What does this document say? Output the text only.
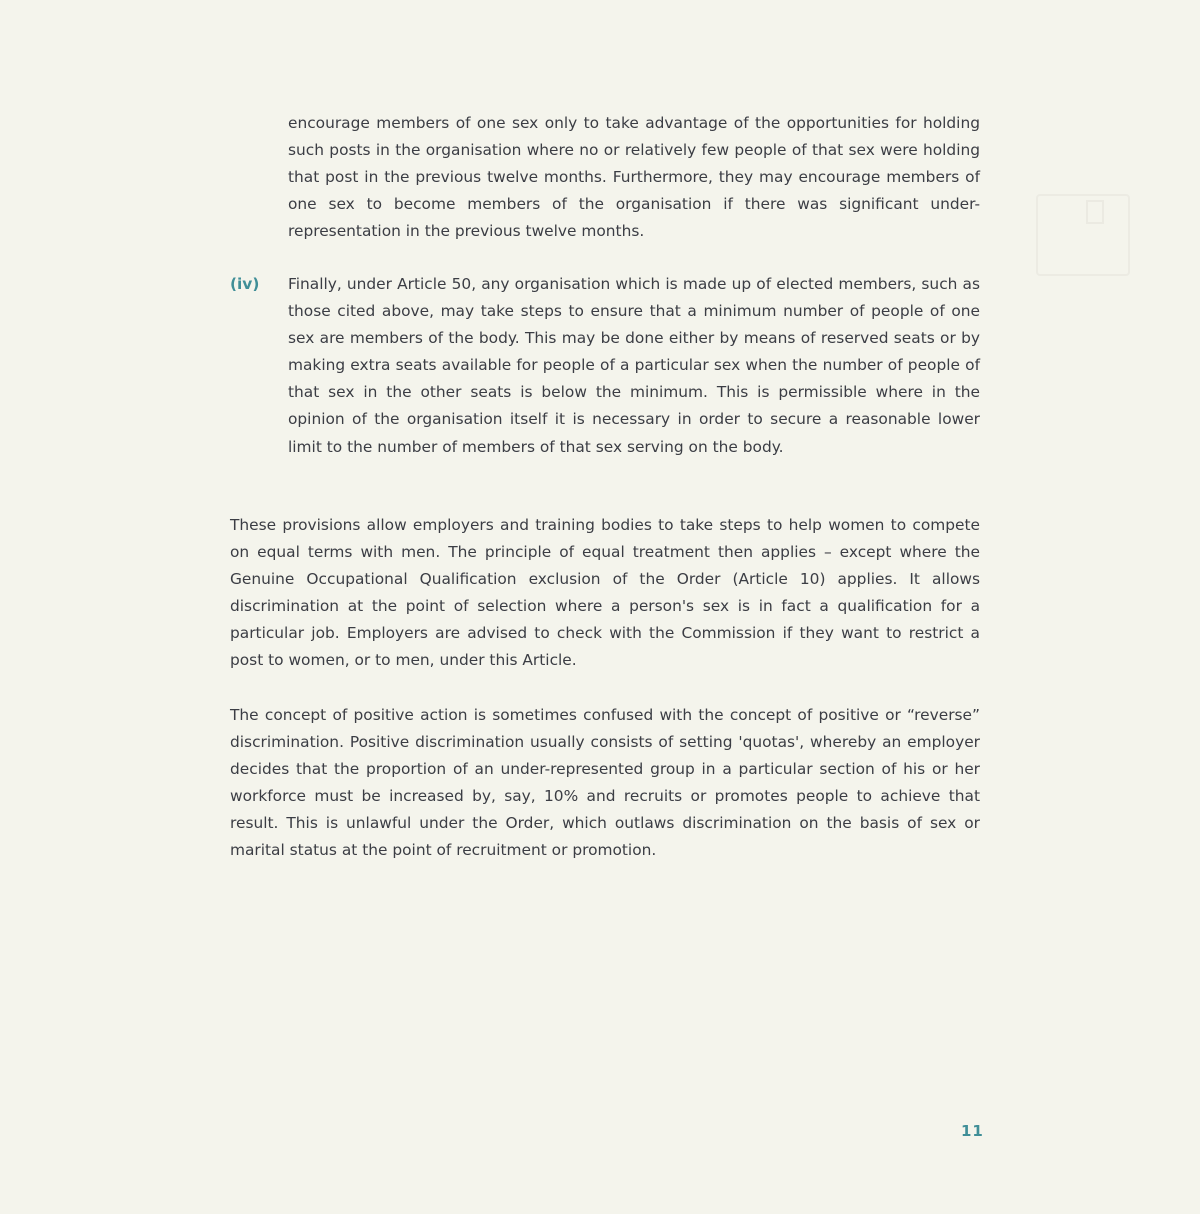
encourage members of one sex only to take advantage of the opportunities for holding such posts in the organisation where no or relatively few people of that sex were holding that post in the previous twelve months. Furthermore, they may encourage members of one sex to become members of the organisation if there was significant under-representation in the previous twelve months.

(iv) Finally, under Article 50, any organisation which is made up of elected members, such as those cited above, may take steps to ensure that a minimum number of people of one sex are members of the body. This may be done either by means of reserved seats or by making extra seats available for people of a particular sex when the number of people of that sex in the other seats is below the minimum. This is permissible where in the opinion of the organisation itself it is necessary in order to secure a reasonable lower limit to the number of members of that sex serving on the body.

These provisions allow employers and training bodies to take steps to help women to compete on equal terms with men. The principle of equal treatment then applies – except where the Genuine Occupational Qualification exclusion of the Order (Article 10) applies. It allows discrimination at the point of selection where a person's sex is in fact a qualification for a particular job. Employers are advised to check with the Commission if they want to restrict a post to women, or to men, under this Article.

The concept of positive action is sometimes confused with the concept of positive or “reverse” discrimination. Positive discrimination usually consists of setting 'quotas', whereby an employer decides that the proportion of an under-represented group in a particular section of his or her workforce must be increased by, say, 10% and recruits or promotes people to achieve that result. This is unlawful under the Order, which outlaws discrimination on the basis of sex or marital status at the point of recruitment or promotion.

11
